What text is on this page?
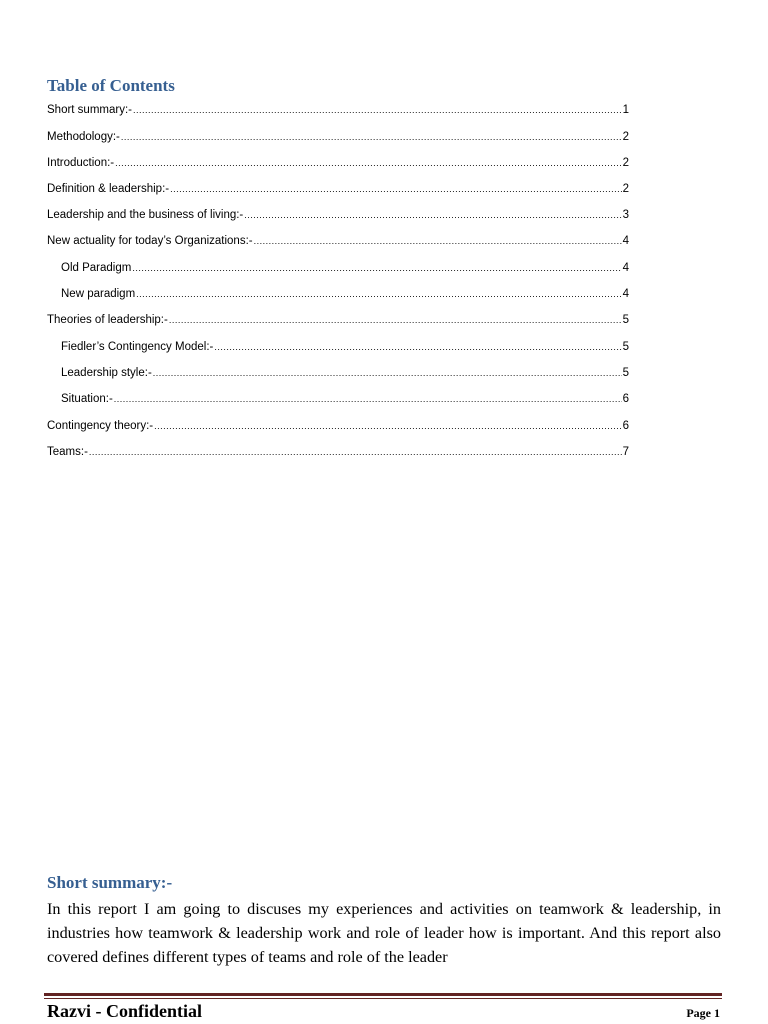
Table of Contents
Short summary:- .....	1
Methodology:- .....	2
Introduction:- .....	2
Definition & leadership:- .....	2
Leadership and the business of living:- .....	3
New actuality for today’s Organizations:- .....	4
Old Paradigm .....	4
New paradigm .....	4
Theories of leadership:- .....	5
Fiedler’s Contingency Model:- .....	5
Leadership style:- .....	5
Situation:- .....	6
Contingency theory:- .....	6
Teams:- .....	7
Short summary:-

In this report I am going to discuses my experiences and activities on teamwork & leadership, in industries how teamwork & leadership work and role of leader how is important. And this report also covered defines different types of teams and role of the leader

Razvi - Confidential	Page 1
